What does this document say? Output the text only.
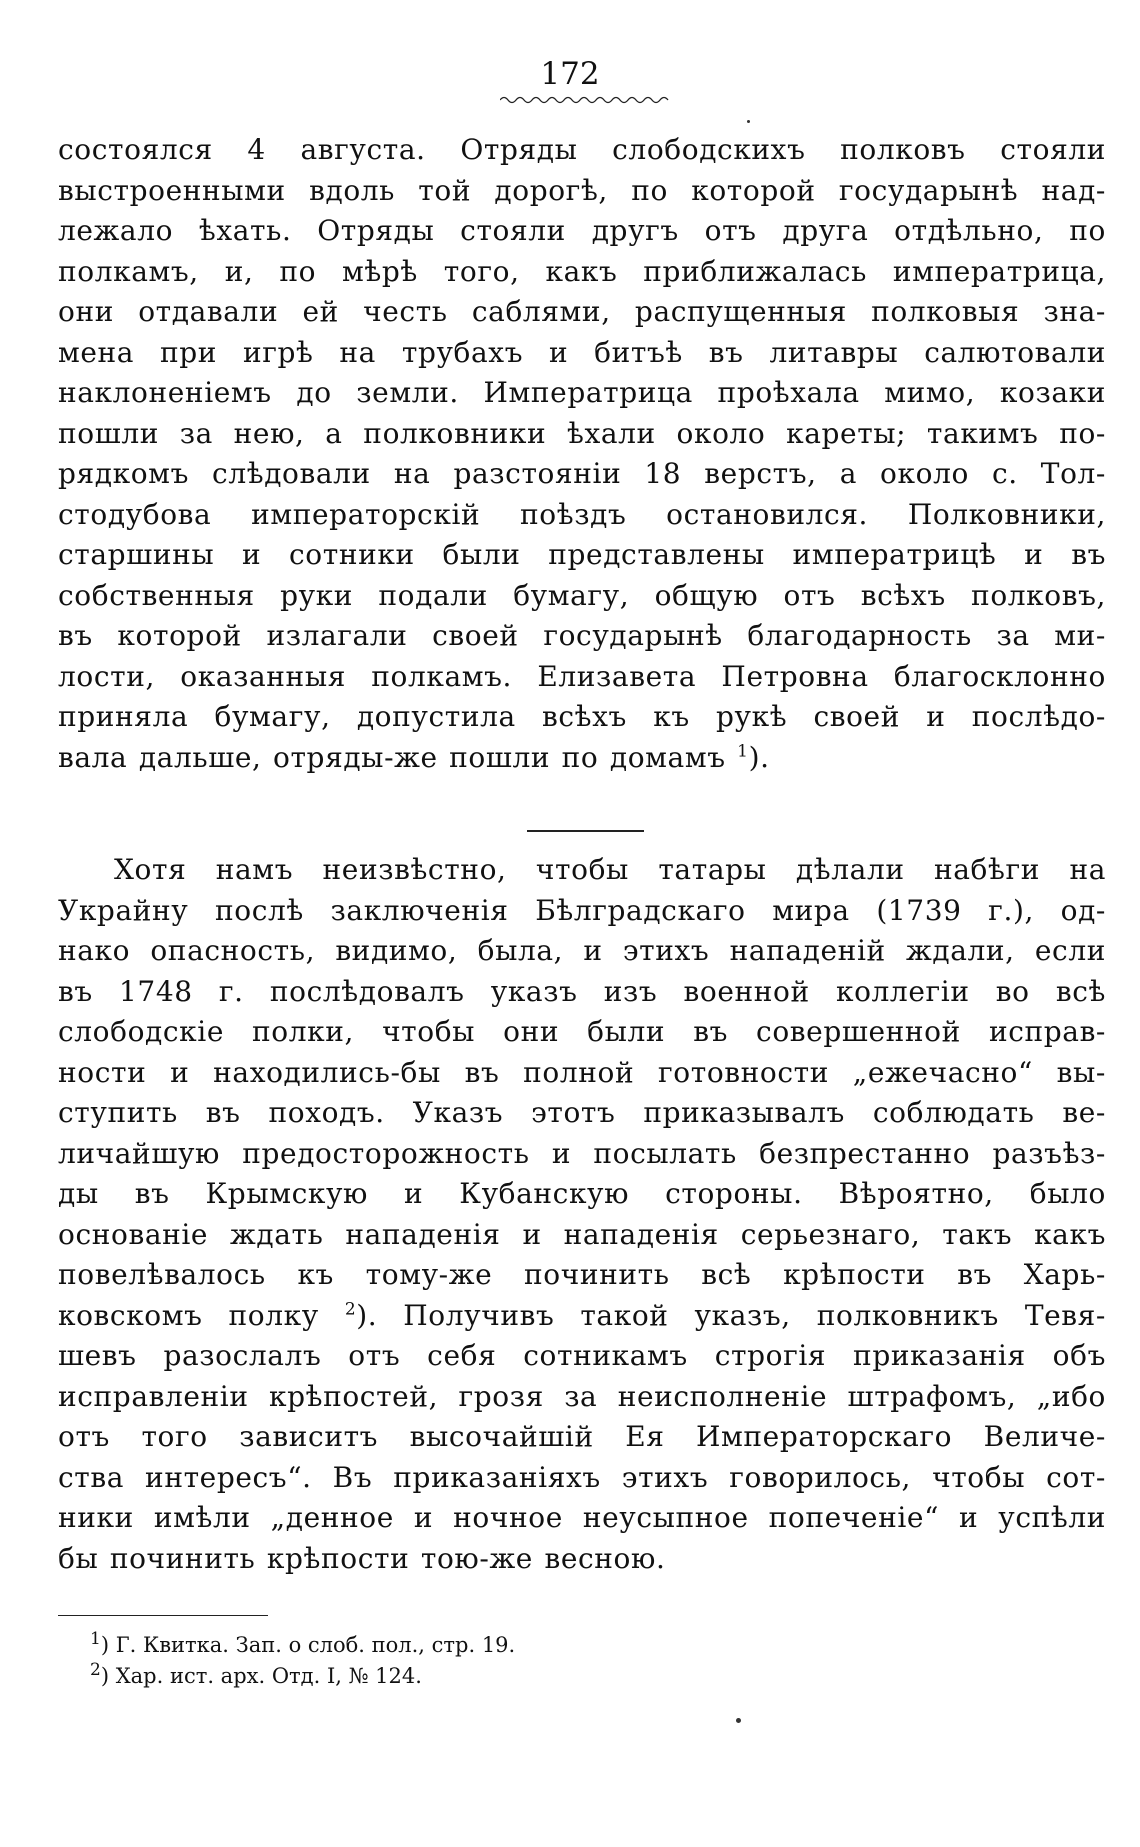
172
состоялся 4 августа. Отряды слободскихъ полковъ стояли
выстроенными вдоль той дорогѣ, по которой государынѣ над-
лежало ѣхать. Отряды стояли другъ отъ друга отдѣльно, по
полкамъ, и, по мѣрѣ того, какъ приближалась императрица,
они отдавали ей честь саблями, распущенныя полковыя зна-
мена при игрѣ на трубахъ и битъѣ въ литавры салютовали
наклоненіемъ до земли. Императрица проѣхала мимо, козаки
пошли за нею, а полковники ѣхали около кареты; такимъ по-
рядкомъ слѣдовали на разстояніи 18 верстъ, а около с. Тол-
стодубова императорскій поѣздъ остановился. Полковники,
старшины и сотники были представлены императрицѣ и въ
собственныя руки подали бумагу, общую отъ всѣхъ полковъ,
въ которой излагали своей государынѣ благодарность за ми-
лости, оказанныя полкамъ. Елизавета Петровна благосклонно
приняла бумагу, допустила всѣхъ къ рукѣ своей и послѣдо-
вала дальше, отряды-же пошли по домамъ $^1$).
Хотя намъ неизвѣстно, чтобы татары дѣлали набѣги на
Украйну послѣ заключенія Бѣлградскаго мира (1739 г.), од-
нако опасность, видимо, была, и этихъ нападеній ждали, если
въ 1748 г. послѣдовалъ указъ изъ военной коллегіи во всѣ
слободскіе полки, чтобы они были въ совершенной исправ-
ности и находились-бы въ полной готовности „ежечасно“ вы-
ступить въ походъ. Указъ этотъ приказывалъ соблюдать ве-
личайшую предосторожность и посылать безпрестанно разъѣз-
ды въ Крымскую и Кубанскую стороны. Вѣроятно, было
основаніе ждать нападенія и нападенія серьезнаго, такъ какъ
повелѣвалось къ тому-же починить всѣ крѣпости въ Харь-
ковскомъ полку $^2$). Получивъ такой указъ, полковникъ Тевя-
шевъ разослалъ отъ себя сотникамъ строгія приказанія объ
исправленіи крѣпостей, грозя за неисполненіе штрафомъ, „ибо
отъ того зависитъ высочайшій Ея Императорскаго Величе-
ства интересъ“. Въ приказаніяхъ этихъ говорилось, чтобы сот-
ники имѣли „денное и ночное неусыпное попеченіе“ и успѣли
бы починить крѣпости тою-же весною.
$^1$) Г. Квитка. Зап. о слоб. пол., стр. 19.
$^2$) Хар. ист. арх. Отд. I, № 124.
